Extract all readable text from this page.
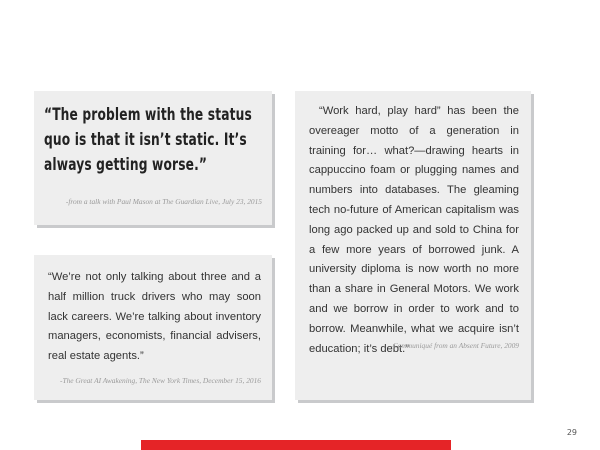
“The problem with the status quo is that it isn’t static. It’s always getting worse.”

-from a talk with Paul Mason at The Guardian Live, July 23, 2015

“Work hard, play hard” has been the overeager motto of a generation in training for… what?—drawing hearts in cappuccino foam or plugging names and numbers into databases. The gleaming tech no-future of American capitalism was long ago packed up and sold to China for a few more years of borrowed junk. A university diploma is now worth no more than a share in General Motors. We work and we borrow in order to work and to borrow. Meanwhile, what we acquire isn’t education; it’s debt.”

-Communiqué from an Absent Future, 2009

“We’re not only talking about three and a half million truck drivers who may soon lack careers. We’re talking about inventory managers, economists, financial advisers, real estate agents.”

-The Great AI Awakening, The New York Times, December 15, 2016

29
